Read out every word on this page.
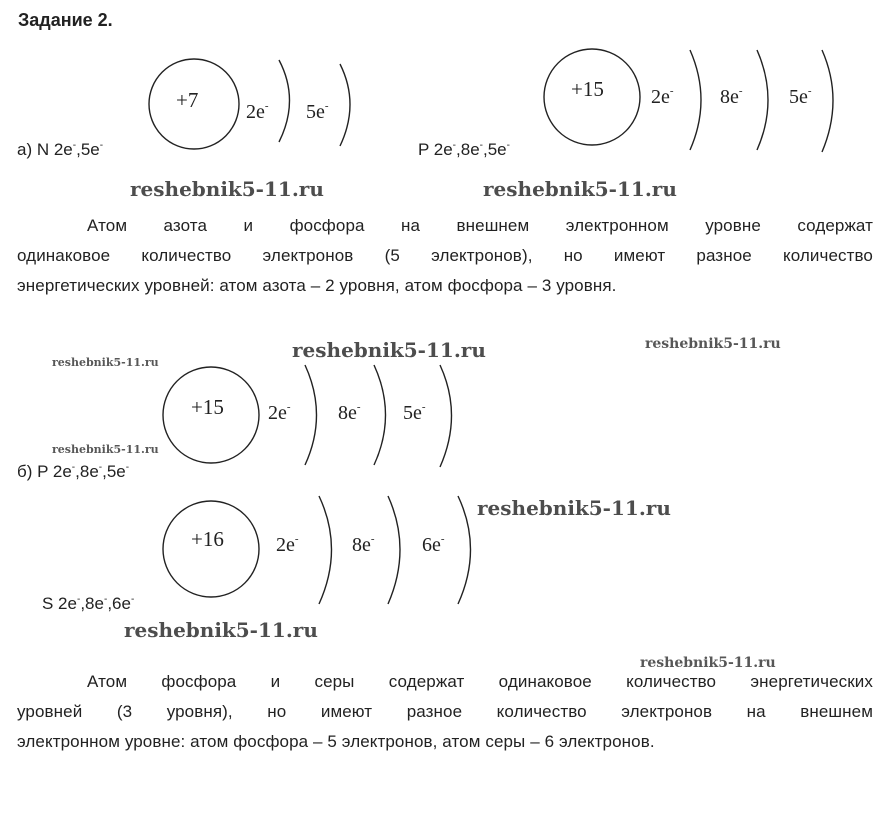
Задание 2.
+7 2e- 5e-
+15 2e- 8e- 5e-
а) N 2e-,5e-	P 2e-,8e-,5e-
reshebnik5-11.ru	reshebnik5-11.ru
Атом азота и фосфора на внешнем электронном уровне содержат
одинаковое количество электронов (5 электронов), но имеют разное количество
энергетических уровней: атом азота – 2 уровня, атом фосфора – 3 уровня.
reshebnik5-11.ru
reshebnik5-11.ru
reshebnik5-11.ru
reshebnik5-11.ru
+15 2e- 8e- 5e-
б) P 2e-,8e-,5e-
reshebnik5-11.ru
+16	2e-	8e- 6e-
S 2e-,8e-,6e-
reshebnik5-11.ru
reshebnik5-11.ru
Атом фосфора и серы содержат одинаковое количество энергетических
уровней (3 уровня), но имеют разное количество электронов на внешнем
электронном уровне: атом фосфора – 5 электронов, атом серы – 6 электронов.
